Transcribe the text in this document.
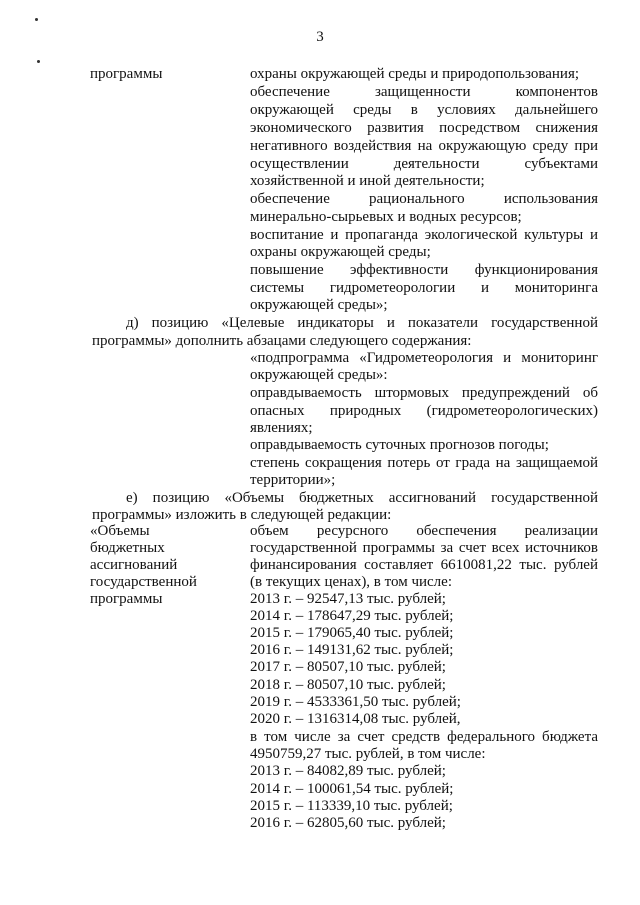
3
программы	охраны окружающей среды и природопользования;
обеспечение защищенности компонентов
окружающей среды в условиях дальнейшего
экономического развития посредством снижения
негативного воздействия на окружающую среду при
осуществлении деятельности субъектами
хозяйственной и иной деятельности;
обеспечение рационального использования
минерально-сырьевых и водных ресурсов;
воспитание и пропаганда экологической культуры и
охраны окружающей среды;
повышение эффективности функционирования
системы гидрометеорологии и мониторинга
окружающей среды»;
д) позицию «Целевые индикаторы и показатели государственной
программы» дополнить абзацами следующего содержания:
«подпрограмма «Гидрометеорология и мониторинг
окружающей среды»:
оправдываемость штормовых предупреждений об
опасных природных (гидрометеорологических)
явлениях;
оправдываемость суточных прогнозов погоды;
степень сокращения потерь от града на защищаемой
территории»;
е) позицию «Объемы бюджетных ассигнований государственной
программы» изложить в следующей редакции:
«Объемы
бюджетных
ассигнований
государственной
программы
объем ресурсного обеспечения реализации
государственной программы за счет всех источников
финансирования составляет 6610081,22 тыс. рублей
(в текущих ценах), в том числе:
2013 г. – 92547,13 тыс. рублей;
2014 г. – 178647,29 тыс. рублей;
2015 г. – 179065,40 тыс. рублей;
2016 г. – 149131,62 тыс. рублей;
2017 г. – 80507,10 тыс. рублей;
2018 г. – 80507,10 тыс. рублей;
2019 г. – 4533361,50 тыс. рублей;
2020 г. – 1316314,08 тыс. рублей,
в том числе за счет средств федерального бюджета
4950759,27 тыс. рублей, в том числе:
2013 г. – 84082,89 тыс. рублей;
2014 г. – 100061,54 тыс. рублей;
2015 г. – 113339,10 тыс. рублей;
2016 г. – 62805,60 тыс. рублей;
